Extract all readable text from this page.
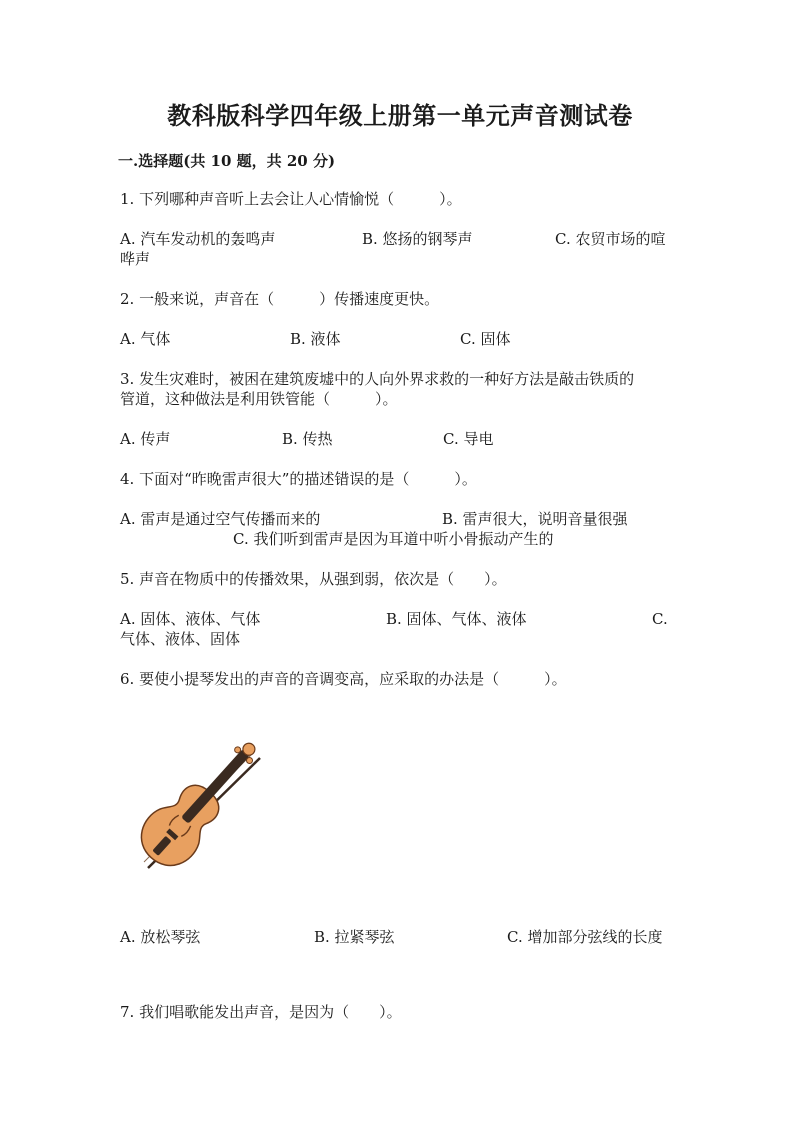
教科版科学四年级上册第一单元声音测试卷
一.选择题(共 10 题，共 20 分)
1. 下列哪种声音听上去会让人心情愉悦（　　　）。
A. 汽车发动机的轰鸣声	B. 悠扬的钢琴声	C. 农贸市场的喧
哗声
2. 一般来说，声音在（　　　）传播速度更快。
A. 气体	B. 液体	C. 固体
3. 发生灾难时，被困在建筑废墟中的人向外界求救的一种好方法是敲击铁质的
管道，这种做法是利用铁管能（　　　）。
A. 传声	B. 传热	C. 导电
4. 下面对“昨晚雷声很大”的描述错误的是（　　　）。
A. 雷声是通过空气传播而来的	B. 雷声很大，说明音量很强
C. 我们听到雷声是因为耳道中听小骨振动产生的
5. 声音在物质中的传播效果，从强到弱，依次是（　　）。
A. 固体、液体、气体	B. 固体、气体、液体	C.
气体、液体、固体
6. 要使小提琴发出的声音的音调变高，应采取的办法是（　　　）。
A. 放松琴弦	B. 拉紧琴弦	C. 增加部分弦线的长度
7. 我们唱歌能发出声音，是因为（　　）。
